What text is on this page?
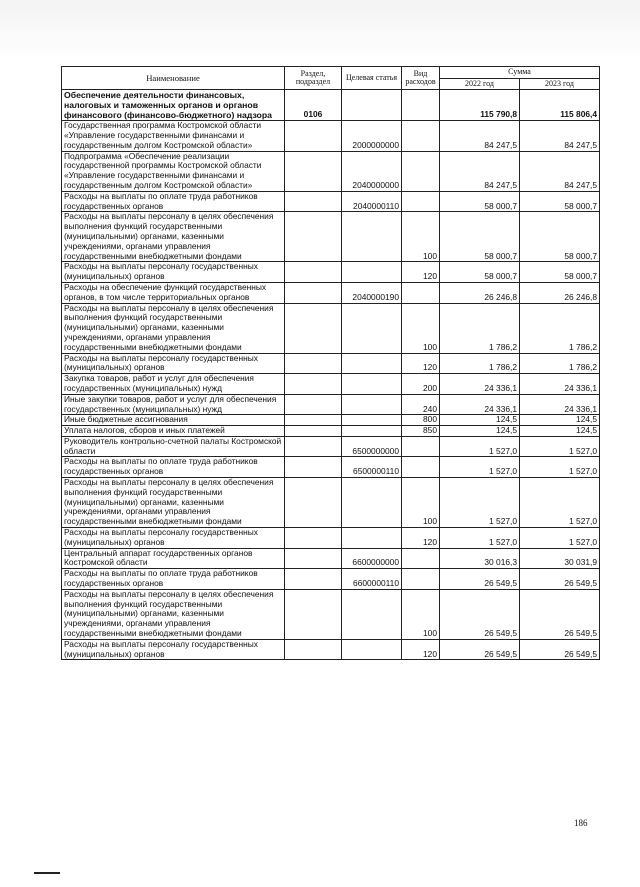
Наименование	Раздел, подраздел	Целевая статья	Вид расходов	Сумма	
				2022 год	2023 год
Обеспечение деятельности финансовых, налоговых и таможенных органов и органов финансового (финансово-бюджетного) надзора	0106			115 790,8	115 806,4
Государственная программа Костромской области «Управление государственными финансами и государственным долгом Костромской области»		2000000000		84 247,5	84 247,5
Подпрограмма «Обеспечение реализации государственной программы Костромской области «Управление государственными финансами и государственным долгом Костромской области»		2040000000		84 247,5	84 247,5
Расходы на выплаты по оплате труда работников государственных органов		2040000110		58 000,7	58 000,7
Расходы на выплаты персоналу в целях обеспечения выполнения функций государственными (муниципальными) органами, казенными учреждениями, органами управления государственными внебюджетными фондами			100	58 000,7	58 000,7
Расходы на выплаты персоналу государственных (муниципальных) органов			120	58 000,7	58 000,7
Расходы на обеспечение функций государственных органов, в том числе территориальных органов		2040000190		26 246,8	26 246,8
Расходы на выплаты персоналу в целях обеспечения выполнения функций государственными (муниципальными) органами, казенными учреждениями, органами управления государственными внебюджетными фондами			100	1 786,2	1 786,2
Расходы на выплаты персоналу государственных (муниципальных) органов			120	1 786,2	1 786,2
Закупка товаров, работ и услуг для обеспечения государственных (муниципальных) нужд			200	24 336,1	24 336,1
Иные закупки товаров, работ и услуг для обеспечения государственных (муниципальных) нужд			240	24 336,1	24 336,1
Иные бюджетные ассигнования			800	124,5	124,5
Уплата налогов, сборов и иных платежей			850	124,5	124,5
Руководитель контрольно-счетной палаты Костромской области		6500000000		1 527,0	1 527,0
Расходы на выплаты по оплате труда работников государственных органов		6500000110		1 527,0	1 527,0
Расходы на выплаты персоналу в целях обеспечения выполнения функций государственными (муниципальными) органами, казенными учреждениями, органами управления государственными внебюджетными фондами			100	1 527,0	1 527,0
Расходы на выплаты персоналу государственных (муниципальных) органов			120	1 527,0	1 527,0
Центральный аппарат государственных органов Костромской области		6600000000		30 016,3	30 031,9
Расходы на выплаты по оплате труда работников государственных органов		6600000110		26 549,5	26 549,5
Расходы на выплаты персоналу в целях обеспечения выполнения функций государственными (муниципальными) органами, казенными учреждениями, органами управления государственными внебюджетными фондами			100	26 549,5	26 549,5
Расходы на выплаты персоналу государственных (муниципальных) органов			120	26 549,5	26 549,5
186
